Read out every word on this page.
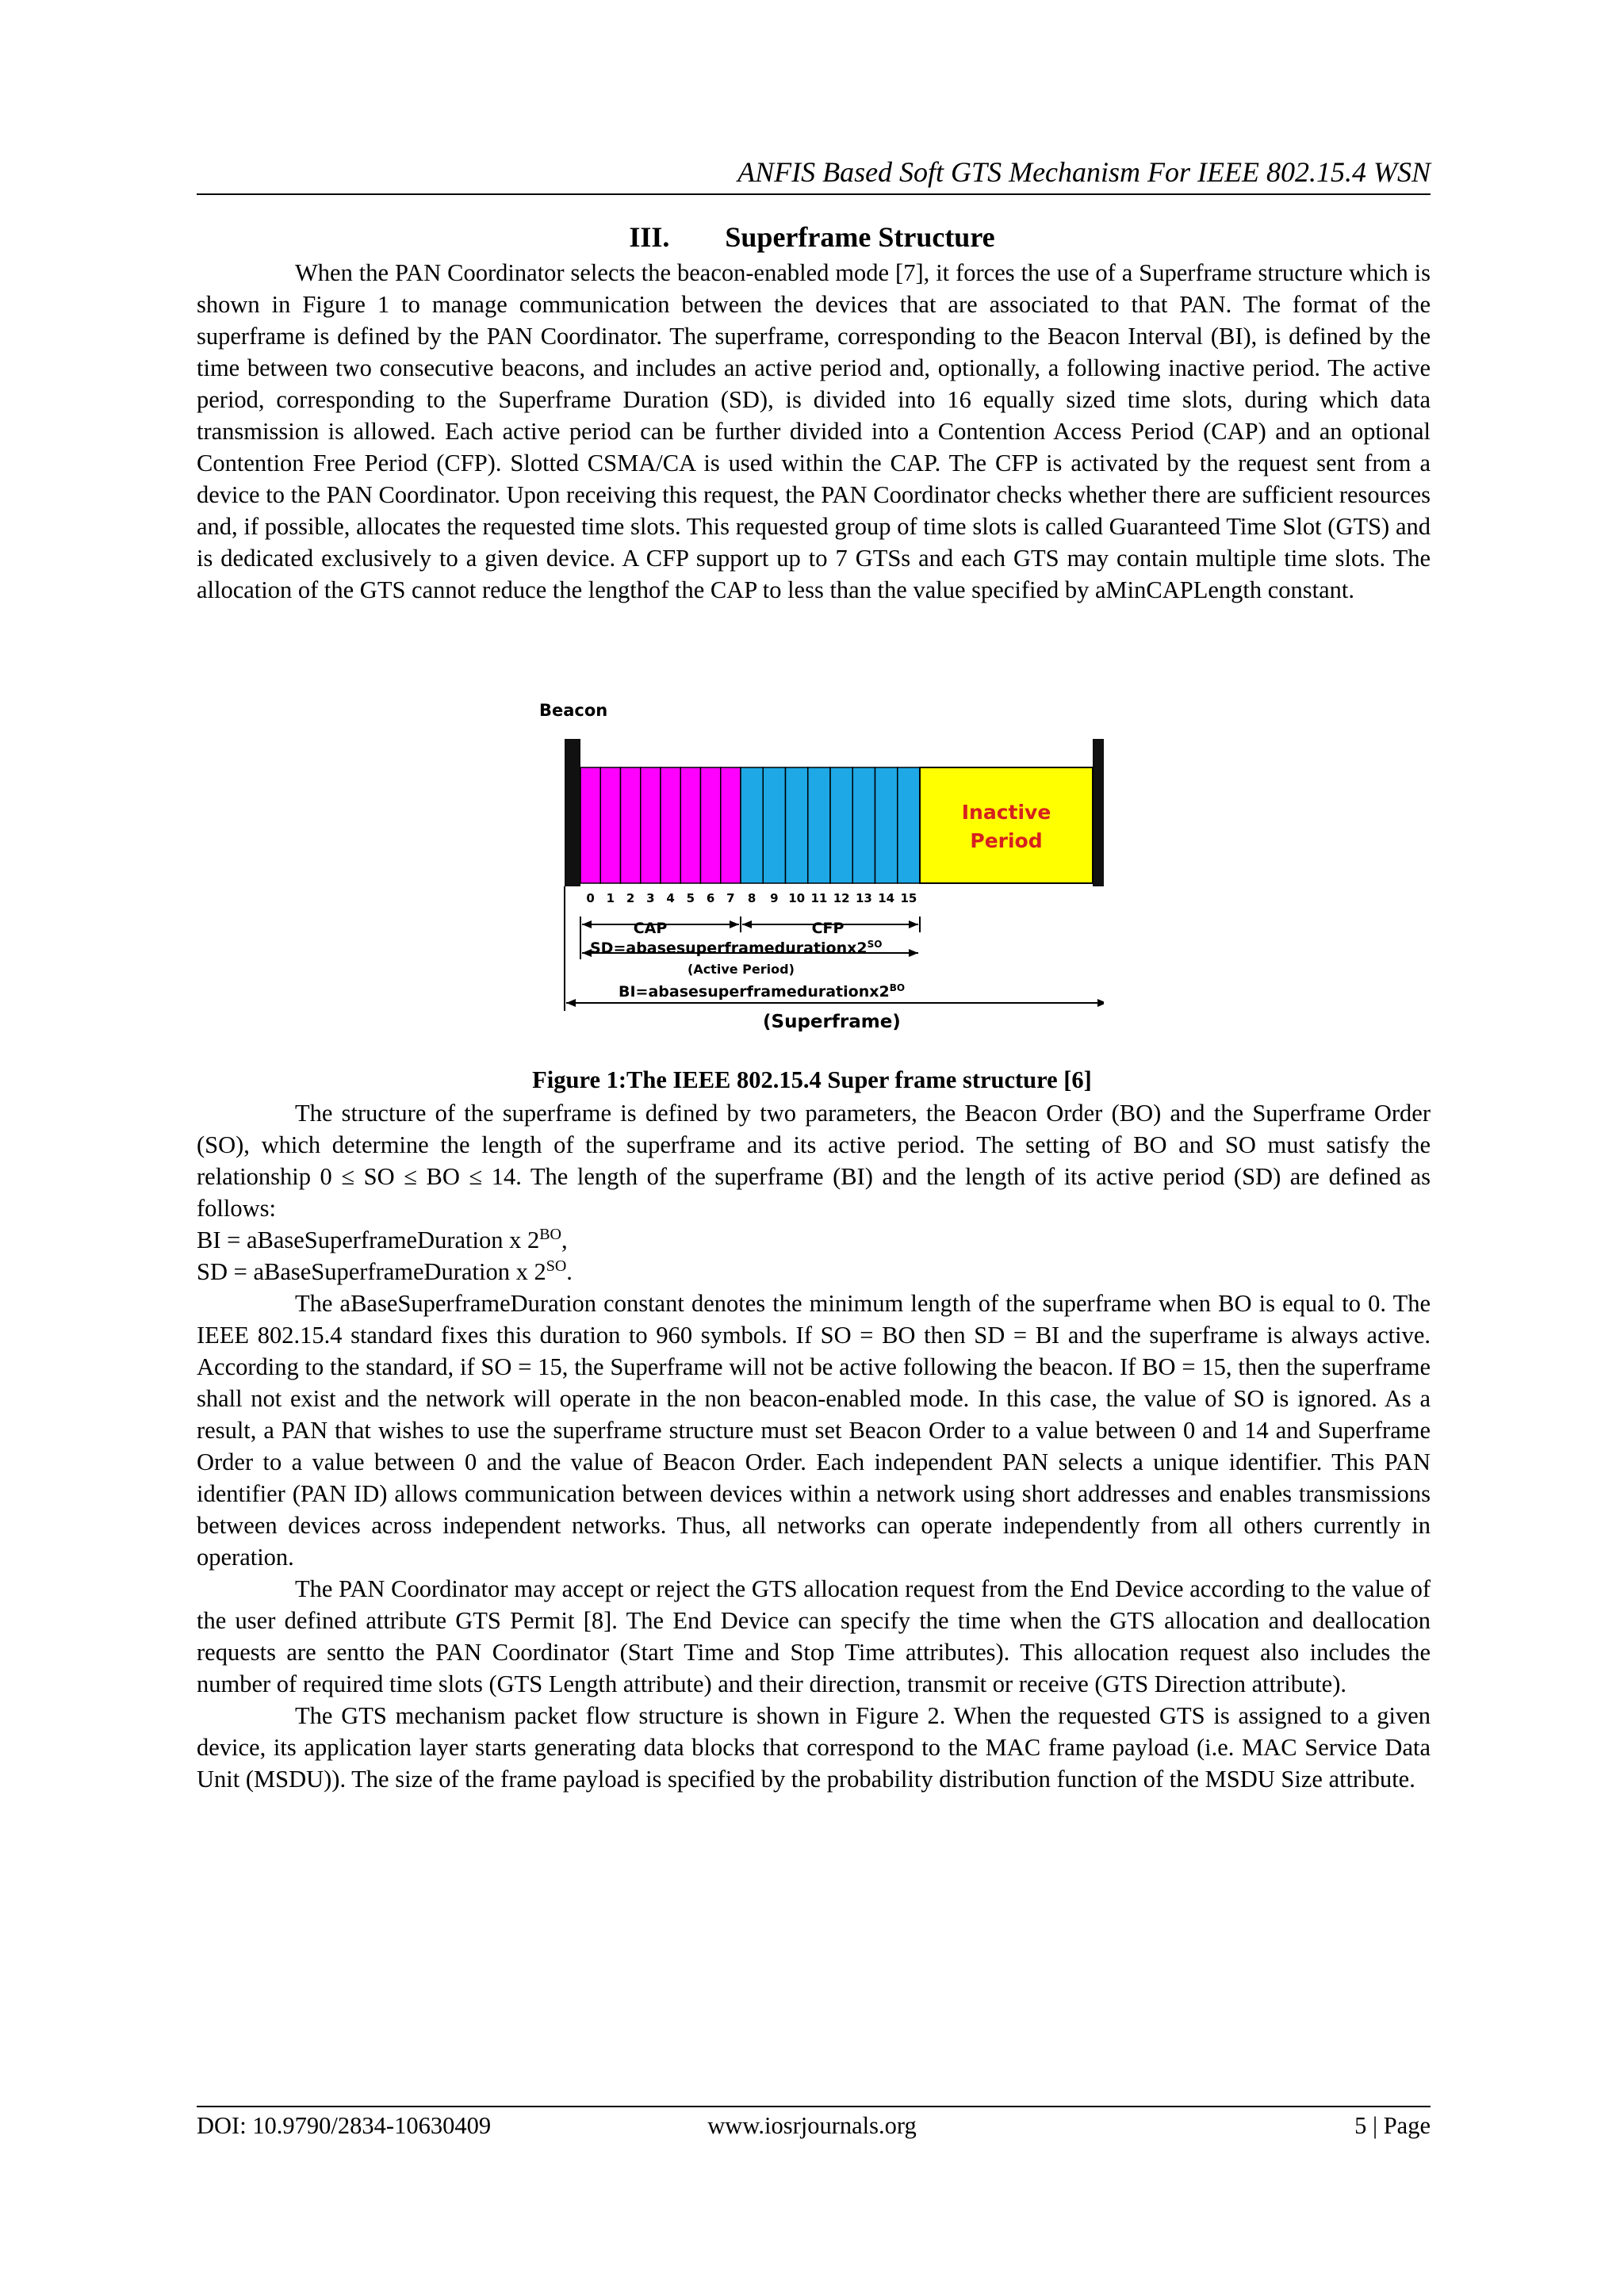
ANFIS Based Soft GTS Mechanism For IEEE 802.15.4 WSN
III. Superframe Structure

When the PAN Coordinator selects the beacon-enabled mode [7], it forces the use of a Superframe structure which is shown in Figure 1 to manage communication between the devices that are associated to that PAN. The format of the superframe is defined by the PAN Coordinator. The superframe, corresponding to the Beacon Interval (BI), is defined by the time between two consecutive beacons, and includes an active period and, optionally, a following inactive period. The active period, corresponding to the Superframe Duration (SD), is divided into 16 equally sized time slots, during which data transmission is allowed. Each active period can be further divided into a Contention Access Period (CAP) and an optional Contention Free Period (CFP). Slotted CSMA/CA is used within the CAP. The CFP is activated by the request sent from a device to the PAN Coordinator. Upon receiving this request, the PAN Coordinator checks whether there are sufficient resources and, if possible, allocates the requested time slots. This requested group of time slots is called Guaranteed Time Slot (GTS) and is dedicated exclusively to a given device. A CFP support up to 7 GTSs and each GTS may contain multiple time slots. The allocation of the GTS cannot reduce the lengthof the CAP to less than the value specified by aMinCAPLength constant.

Beacon
Inactive
Period
0 1 2 3 4 5 6 7 8 9 10 11 12 13 14 15
CAP	CFP
$SD=abasesuperframedurationx2^{SO}$
(Active Period)
$BI=abasesuperframedurationx2^{BO}$
(Superframe)
Figure 1:The IEEE 802.15.4 Super frame structure [6]

The structure of the superframe is defined by two parameters, the Beacon Order (BO) and the Superframe Order (SO), which determine the length of the superframe and its active period. The setting of BO and SO must satisfy the relationship 0 ≤ SO ≤ BO ≤ 14. The length of the superframe (BI) and the length of its active period (SD) are defined as follows:

BI = aBaseSuperframeDuration x $2^{BO}$,

SD = aBaseSuperframeDuration x $2^{SO}$.

The aBaseSuperframeDuration constant denotes the minimum length of the superframe when BO is equal to 0. The IEEE 802.15.4 standard fixes this duration to 960 symbols. If SO = BO then SD = BI and the superframe is always active. According to the standard, if SO = 15, the Superframe will not be active following the beacon. If BO = 15, then the superframe shall not exist and the network will operate in the non beacon-enabled mode. In this case, the value of SO is ignored. As a result, a PAN that wishes to use the superframe structure must set Beacon Order to a value between 0 and 14 and Superframe Order to a value between 0 and the value of Beacon Order. Each independent PAN selects a unique identifier. This PAN identifier (PAN ID) allows communication between devices within a network using short addresses and enables transmissions between devices across independent networks. Thus, all networks can operate independently from all others currently in operation.

The PAN Coordinator may accept or reject the GTS allocation request from the End Device according to the value of the user defined attribute GTS Permit [8]. The End Device can specify the time when the GTS allocation and deallocation requests are sentto the PAN Coordinator (Start Time and Stop Time attributes). This allocation request also includes the number of required time slots (GTS Length attribute) and their direction, transmit or receive (GTS Direction attribute).

The GTS mechanism packet flow structure is shown in Figure 2. When the requested GTS is assigned to a given device, its application layer starts generating data blocks that correspond to the MAC frame payload (i.e. MAC Service Data Unit (MSDU)). The size of the frame payload is specified by the probability distribution function of the MSDU Size attribute.

DOI: 10.9790/2834-10630409	www.iosrjournals.org	5 | Page
